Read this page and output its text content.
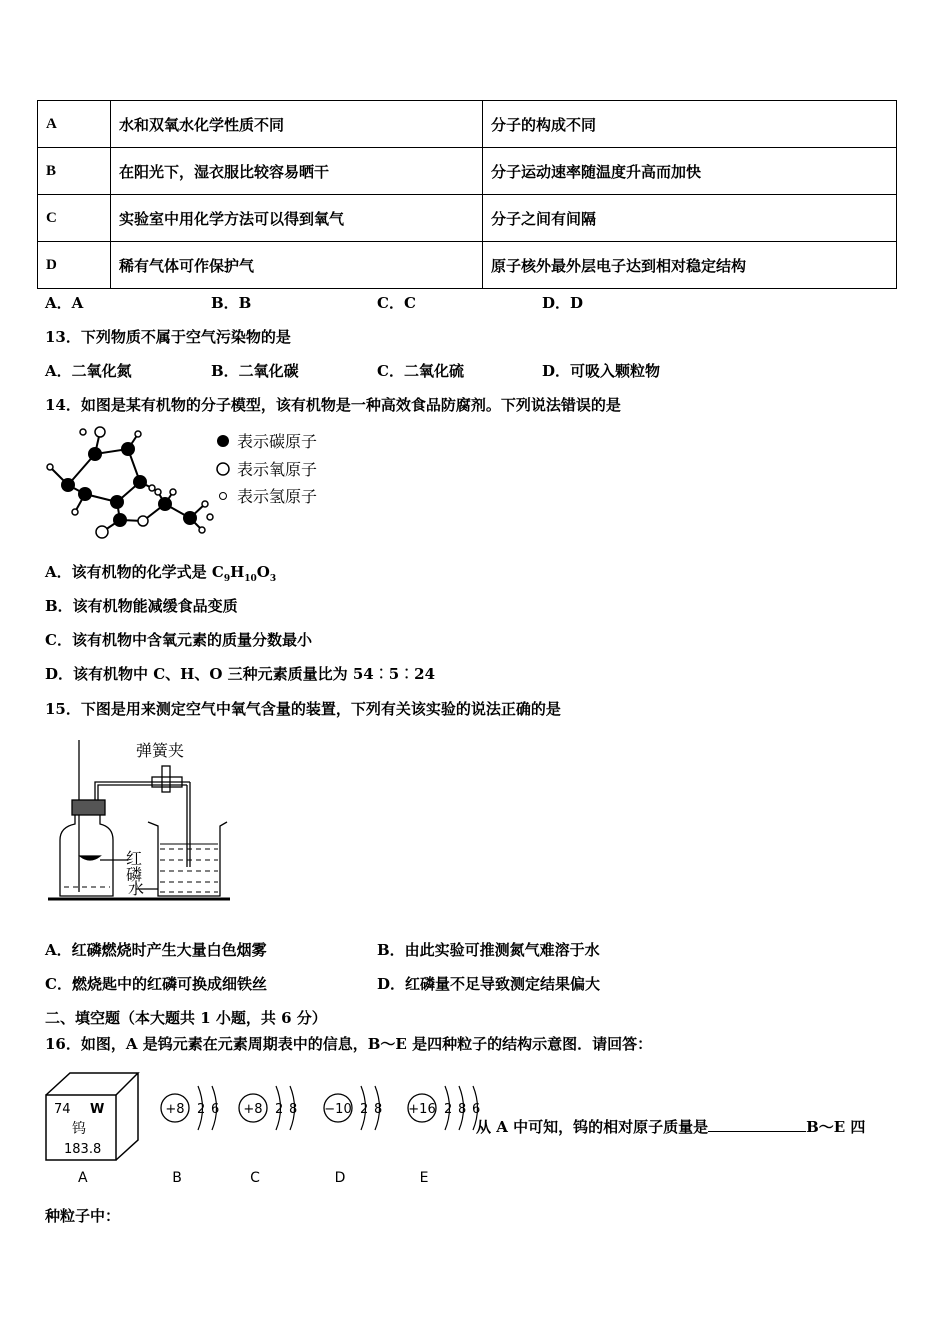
A	水和双氧水化学性质不同	分子的构成不同
B	在阳光下，湿衣服比较容易晒干	分子运动速率随温度升高而加快
C	实验室中用化学方法可以得到氧气	分子之间有间隔
D	稀有气体可作保护气	原子核外最外层电子达到相对稳定结构
A．A	B．B	C．C	D．D
13．下列物质不属于空气污染物的是
A．二氧化氮	B．二氧化碳	C．二氧化硫	D．可吸入颗粒物
14．如图是某有机物的分子模型，该有机物是一种高效食品防腐剂。下列说法错误的是
表示碳原子
表示氧原子
表示氢原子
A．该有机物的化学式是 $C_9H_{10}O_3$
B．该有机物能减缓食品变质
C．该有机物中含氧元素的质量分数最小
D．该有机物中 C、H、O 三种元素质量比为 54︰5︰24
15．下图是用来测定空气中氧气含量的装置，下列有关该实验的说法正确的是
弹簧夹
红磷
水
A．红磷燃烧时产生大量白色烟雾	B．由此实验可推测氮气难溶于水
C．燃烧匙中的红磷可换成细铁丝	D．红磷量不足导致测定结果偏大
二、填空题（本大题共 1 小题，共 6 分）
16．如图，A 是钨元素在元素周期表中的信息，B～E 是四种粒子的结构示意图．请回答：
74 W
钨
183.8
A
+8 2 6
B
+8 2 8
C
−10 2 8
D
+16 2 8 6
E
从 A 中可知，钨的相对原子质量是	B～E 四
种粒子中：
